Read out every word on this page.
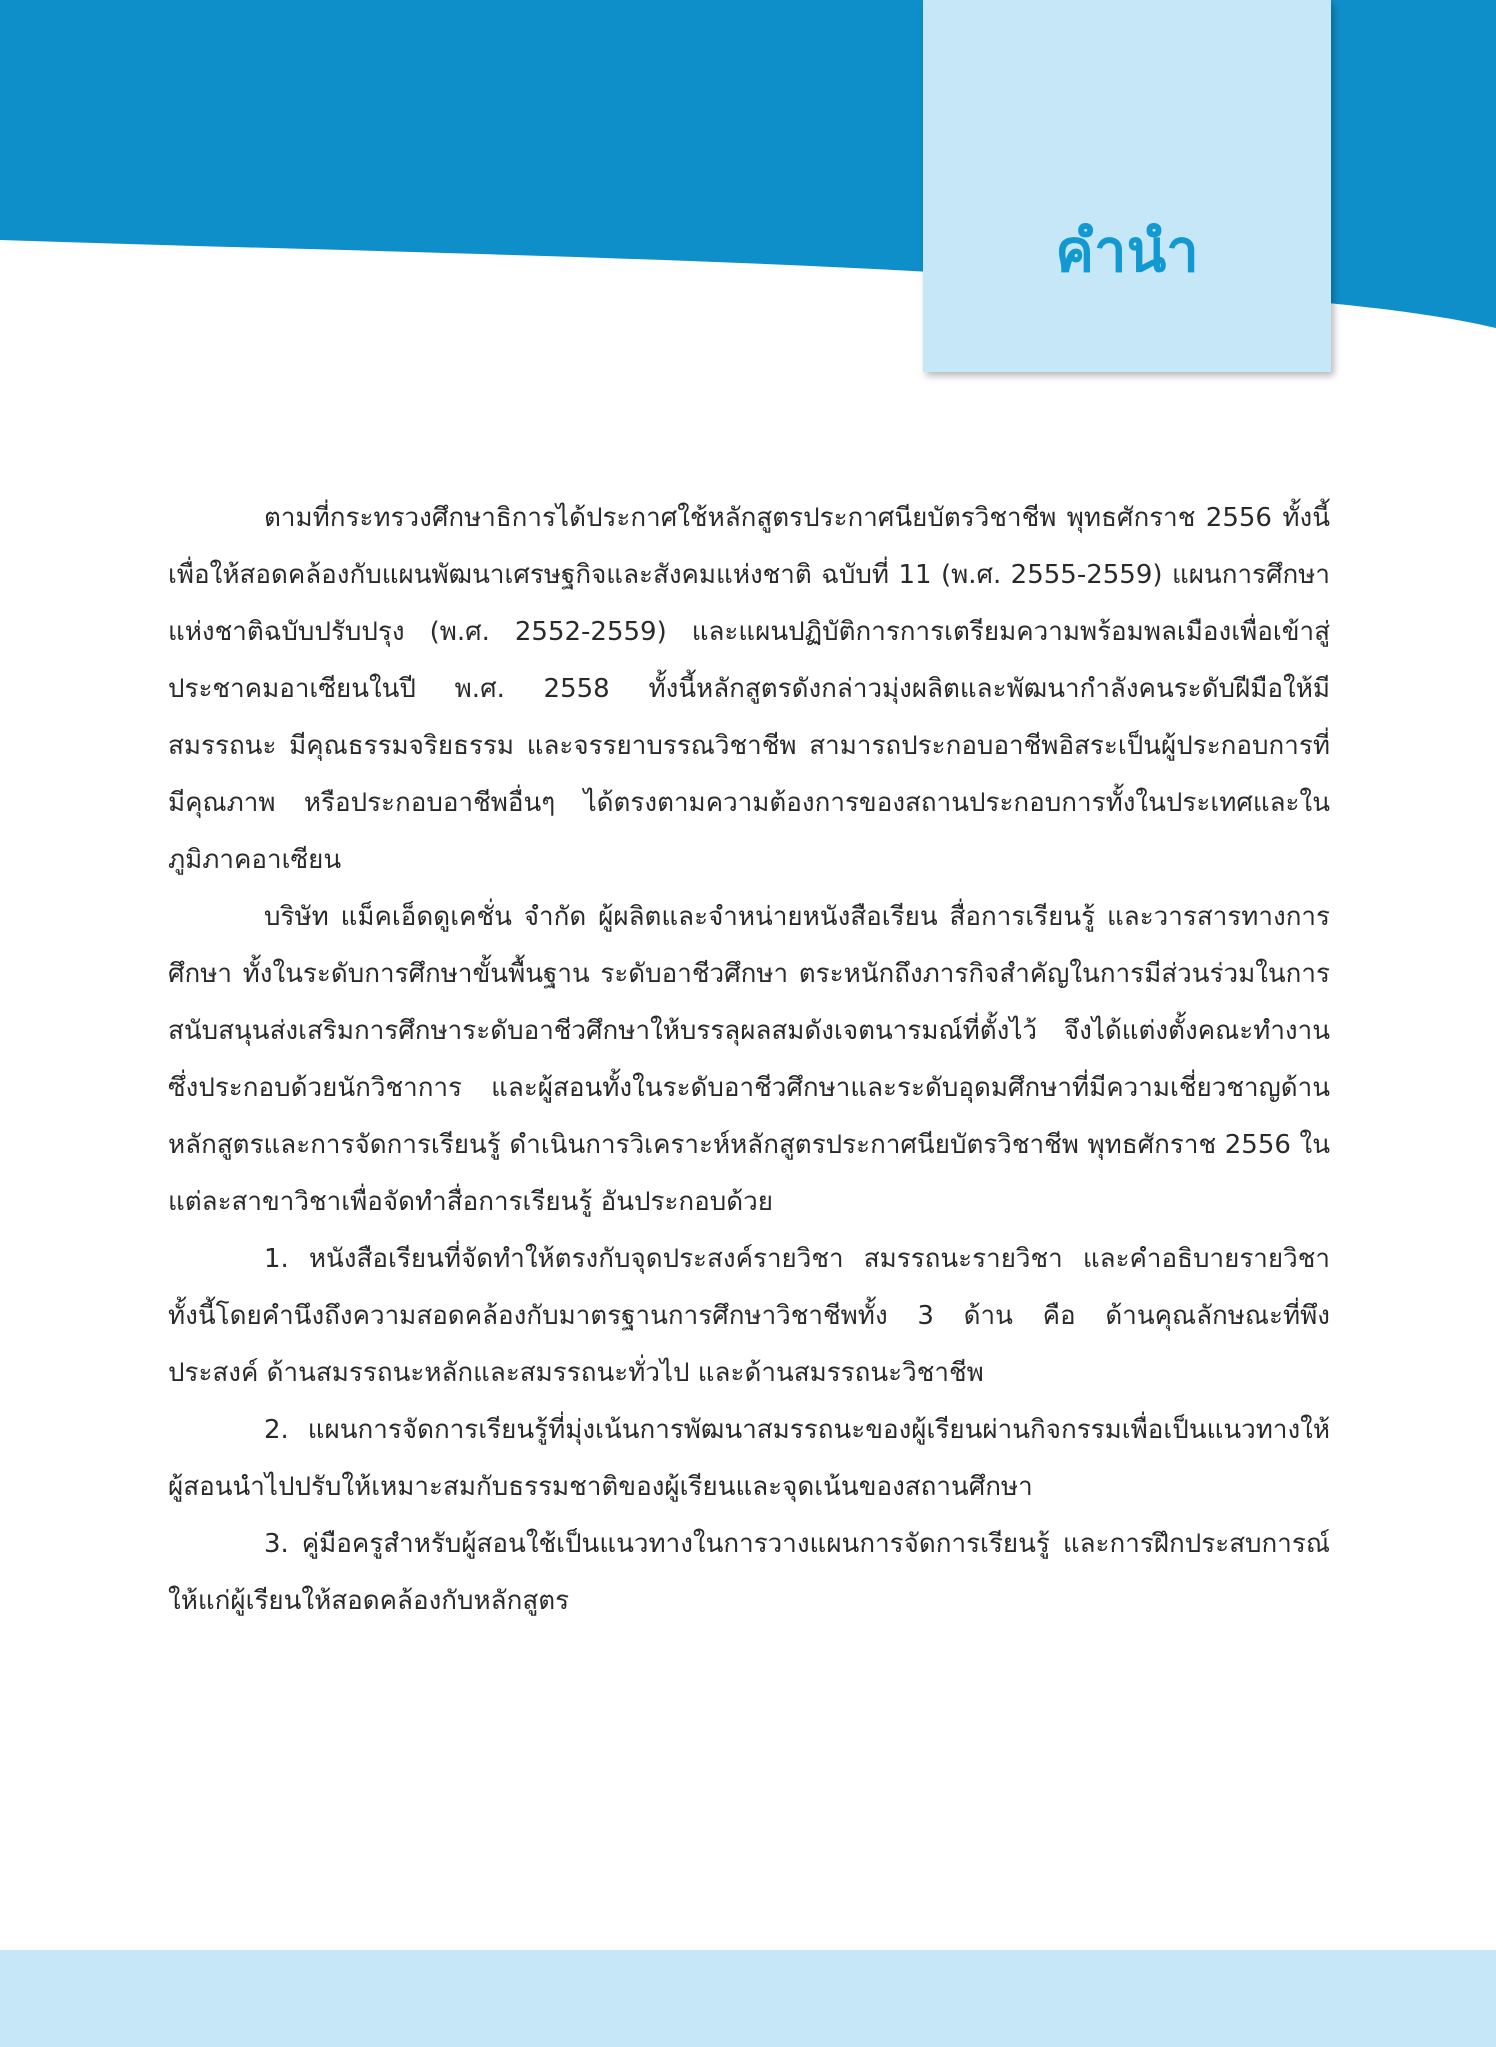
คำนำ

ตามที่กระทรวงศึกษาธิการได้ประกาศใช้หลักสูตรประกาศนียบัตรวิชาชีพ พุทธศักราช 2556 ทั้งนี้เพื่อให้สอดคล้องกับแผนพัฒนาเศรษฐกิจและสังคมแห่งชาติ ฉบับที่ 11 (พ.ศ. 2555-2559) แผนการศึกษาแห่งชาติฉบับปรับปรุง (พ.ศ. 2552-2559) และแผนปฏิบัติการการเตรียมความพร้อมพลเมืองเพื่อเข้าสู่ประชาคมอาเซียนในปี พ.ศ. 2558 ทั้งนี้หลักสูตรดังกล่าวมุ่งผลิตและพัฒนากำลังคนระดับฝีมือให้มีสมรรถนะ มีคุณธรรมจริยธรรม และจรรยาบรรณวิชาชีพ สามารถประกอบอาชีพอิสระเป็นผู้ประกอบการที่มีคุณภาพ หรือประกอบอาชีพอื่นๆ ได้ตรงตามความต้องการของสถานประกอบการทั้งในประเทศและในภูมิภาคอาเซียน

บริษัท แม็คเอ็ดดูเคชั่น จำกัด ผู้ผลิตและจำหน่ายหนังสือเรียน สื่อการเรียนรู้ และวารสารทางการศึกษา ทั้งในระดับการศึกษาขั้นพื้นฐาน ระดับอาชีวศึกษา ตระหนักถึงภารกิจสำคัญในการมีส่วนร่วมในการสนับสนุนส่งเสริมการศึกษาระดับอาชีวศึกษาให้บรรลุผลสมดังเจตนารมณ์ที่ตั้งไว้ จึงได้แต่งตั้งคณะทำงานซึ่งประกอบด้วยนักวิชาการ และผู้สอนทั้งในระดับอาชีวศึกษาและระดับอุดมศึกษาที่มีความเชี่ยวชาญด้านหลักสูตรและการจัดการเรียนรู้ ดำเนินการวิเคราะห์หลักสูตรประกาศนียบัตรวิชาชีพ พุทธศักราช 2556 ในแต่ละสาขาวิชาเพื่อจัดทำสื่อการเรียนรู้ อันประกอบด้วย

1. หนังสือเรียนที่จัดทำให้ตรงกับจุดประสงค์รายวิชา สมรรถนะรายวิชา และคำอธิบายรายวิชา ทั้งนี้โดยคำนึงถึงความสอดคล้องกับมาตรฐานการศึกษาวิชาชีพทั้ง 3 ด้าน คือ ด้านคุณลักษณะที่พึงประสงค์ ด้านสมรรถนะหลักและสมรรถนะทั่วไป และด้านสมรรถนะวิชาชีพ

2. แผนการจัดการเรียนรู้ที่มุ่งเน้นการพัฒนาสมรรถนะของผู้เรียนผ่านกิจกรรมเพื่อเป็นแนวทางให้ผู้สอนนำไปปรับให้เหมาะสมกับธรรมชาติของผู้เรียนและจุดเน้นของสถานศึกษา

3. คู่มือครูสำหรับผู้สอนใช้เป็นแนวทางในการวางแผนการจัดการเรียนรู้ และการฝึกประสบการณ์ให้แก่ผู้เรียนให้สอดคล้องกับหลักสูตร
